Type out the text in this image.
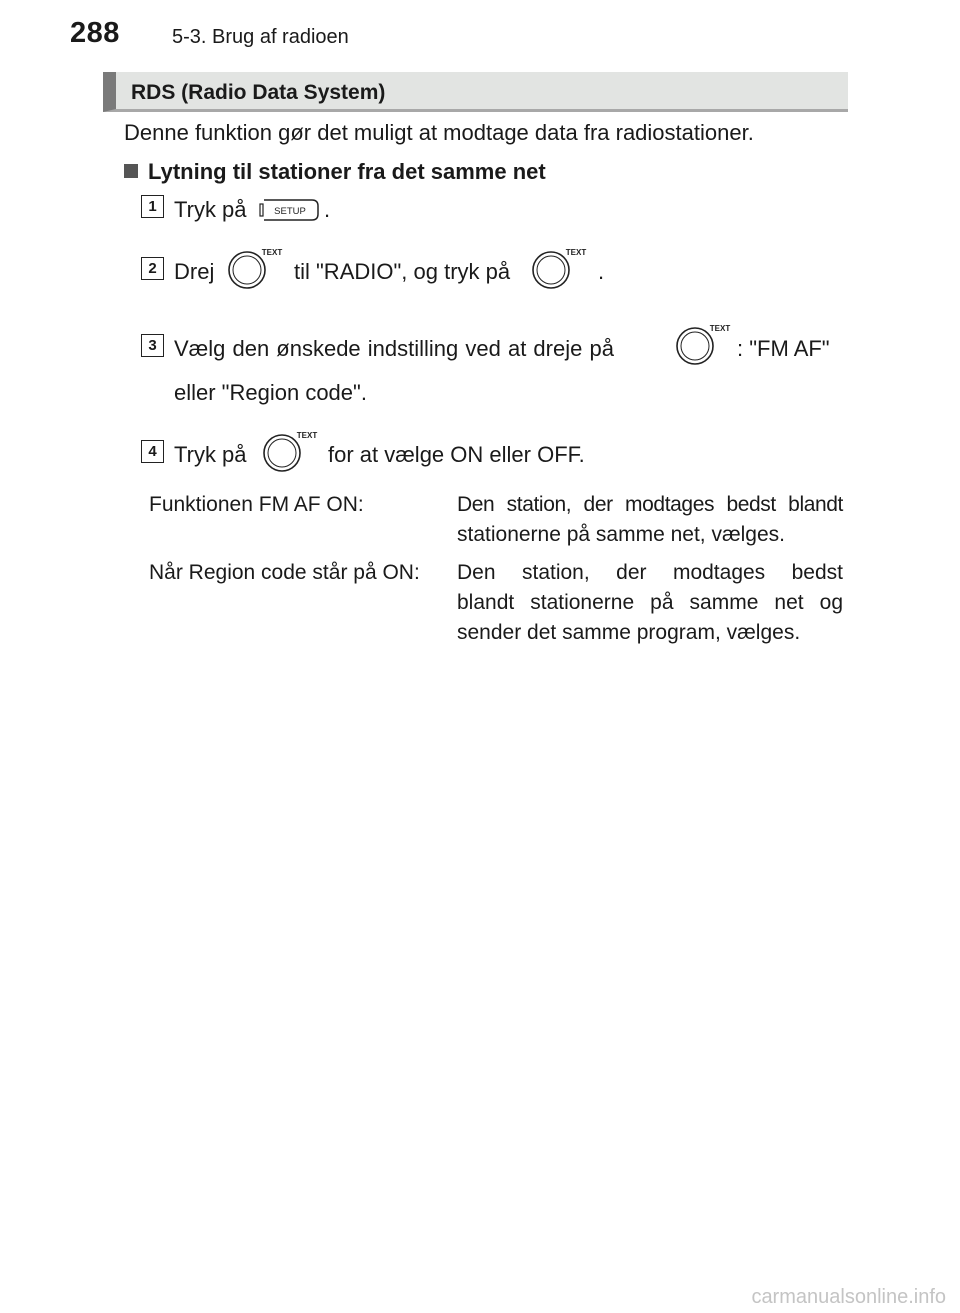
288	5-3. Brug af radioen
RDS (Radio Data System)
Denne funktion gør det muligt at modtage data fra radiostationer.
Lytning til stationer fra det samme net
1 Tryk på	SETUP .
2 Drej
TEXT
til "RADIO", og tryk på
TEXT
.
3 Vælg den ønskede indstilling ved at dreje på
TEXT
: "FM AF"
eller "Region code".
4 Tryk på
TEXT
for at vælge ON eller OFF.
Funktionen FM AF ON:	Den station, der modtages bedst blandt
stationerne på samme net, vælges.
Når Region code står på ON: Den station, der modtages bedst
blandt stationerne på samme net og
sender det samme program, vælges.
carmanualsonline.info
